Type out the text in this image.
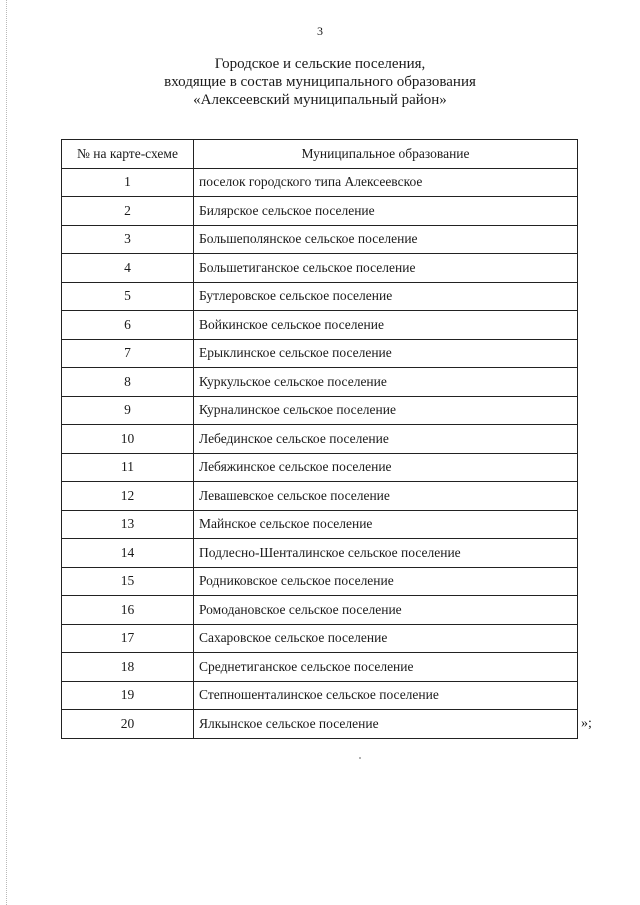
3
Городское и сельские поселения,
входящие в состав муниципального образования
«Алексеевский муниципальный район»
№ на карте-схеме	Муниципальное образование
1	поселок городского типа Алексеевское
2	Билярское сельское поселение
3	Большеполянское сельское поселение
4	Большетиганское сельское поселение
5	Бутлеровское сельское поселение
6	Войкинское сельское поселение
7	Ерыклинское сельское поселение
8	Куркульское сельское поселение
9	Курналинское сельское поселение
10	Лебединское сельское поселение
11	Лебяжинское сельское поселение
12	Левашевское сельское поселение
13	Майнское сельское поселение
14	Подлесно-Шенталинское сельское поселение
15	Родниковское сельское поселение
16	Ромодановское сельское поселение
17	Сахаровское сельское поселение
18	Среднетиганское сельское поселение
19	Степношенталинское сельское поселение
20	Ялкынское сельское поселение	»;
